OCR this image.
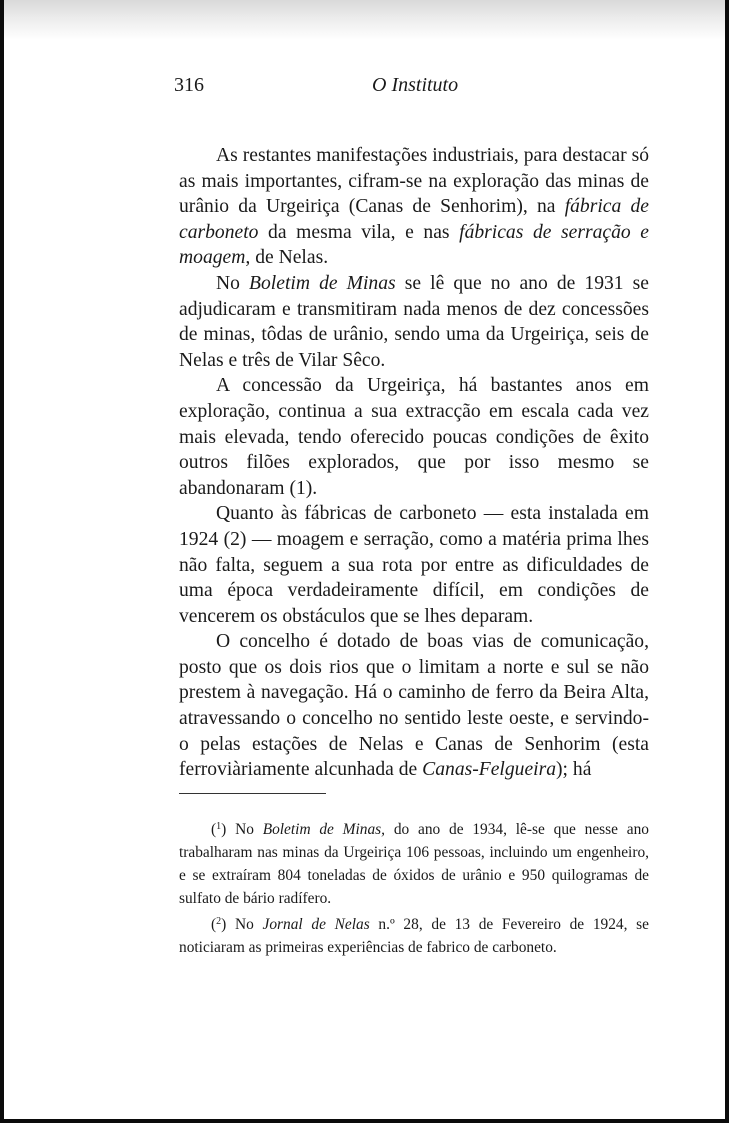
316	O Instituto

As restantes manifestações industriais, para destacar só as mais importantes, cifram-se na exploração das minas de urânio da Urgeiriça (Canas de Senhorim), na fábrica de carboneto da mesma vila, e nas fábricas de serração e moagem, de Nelas.

No Boletim de Minas se lê que no ano de 1931 se adjudicaram e transmitiram nada menos de dez concessões de minas, tôdas de urânio, sendo uma da Urgeiriça, seis de Nelas e três de Vilar Sêco.

A concessão da Urgeiriça, há bastantes anos em exploração, continua a sua extracção em escala cada vez mais elevada, tendo oferecido poucas condições de êxito outros filões explorados, que por isso mesmo se abandonaram (1).

Quanto às fábricas de carboneto — esta instalada em 1924 (2) — moagem e serração, como a matéria prima lhes não falta, seguem a sua rota por entre as dificuldades de uma época verdadeiramente difícil, em condições de vencerem os obstáculos que se lhes deparam.

O concelho é dotado de boas vias de comunicação, posto que os dois rios que o limitam a norte e sul se não prestem à navegação. Há o caminho de ferro da Beira Alta, atravessando o concelho no sentido leste oeste, e servindo-o pelas estações de Nelas e Canas de Senhorim (esta ferroviàriamente alcunhada de Canas-Felgueira); há

($^1$) No Boletim de Minas, do ano de 1934, lê-se que nesse ano trabalharam nas minas da Urgeiriça 106 pessoas, incluindo um engenheiro, e se extraíram 804 toneladas de óxidos de urânio e 950 quilogramas de sulfato de bário radífero.

($^2$) No Jornal de Nelas n.º 28, de 13 de Fevereiro de 1924, se noticiaram as primeiras experiências de fabrico de carboneto.
